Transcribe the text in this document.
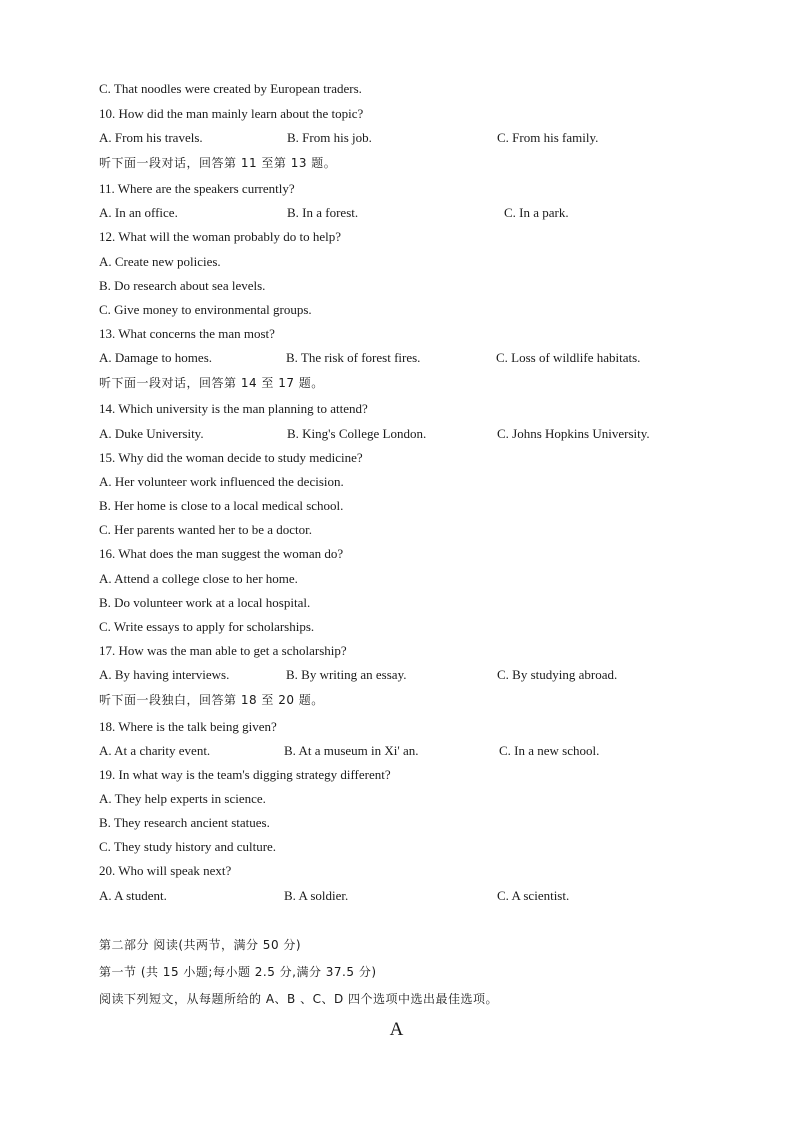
C. That noodles were created by European traders.
10. How did the man mainly learn about the topic?
A. From his travels.	B. From his job.	C. From his family.
听下面一段对话，回答第 11 至第 13 题。
11. Where are the speakers currently?
A. In an office.	B. In a forest.	C. In a park.
12. What will the woman probably do to help?
A. Create new policies.
B. Do research about sea levels.
C. Give money to environmental groups.
13. What concerns the man most?
A. Damage to homes.	B. The risk of forest fires.	C. Loss of wildlife habitats.
听下面一段对话，回答第 14 至 17 题。
14. Which university is the man planning to attend?
A. Duke University.	B. King's College London.	C. Johns Hopkins University.
15. Why did the woman decide to study medicine?
A. Her volunteer work influenced the decision.
B. Her home is close to a local medical school.
C. Her parents wanted her to be a doctor.
16. What does the man suggest the woman do?
A. Attend a college close to her home.
B. Do volunteer work at a local hospital.
C. Write essays to apply for scholarships.
17. How was the man able to get a scholarship?
A. By having interviews.	B. By writing an essay.	C. By studying abroad.
听下面一段独白，回答第 18 至 20 题。
18. Where is the talk being given?
A. At a charity event.	B. At a museum in Xi' an.	C. In a new school.
19. In what way is the team's digging strategy different?
A. They help experts in science.
B. They research ancient statues.
C. They study history and culture.
20. Who will speak next?
A. A student.	B. A soldier.	C. A scientist.
第二部分 阅读(共两节，满分 50 分)
第一节 (共 15 小题;每小题 2.5 分,满分 37.5 分)
阅读下列短文，从每题所给的 A、B 、C、D 四个选项中选出最佳选项。
A
